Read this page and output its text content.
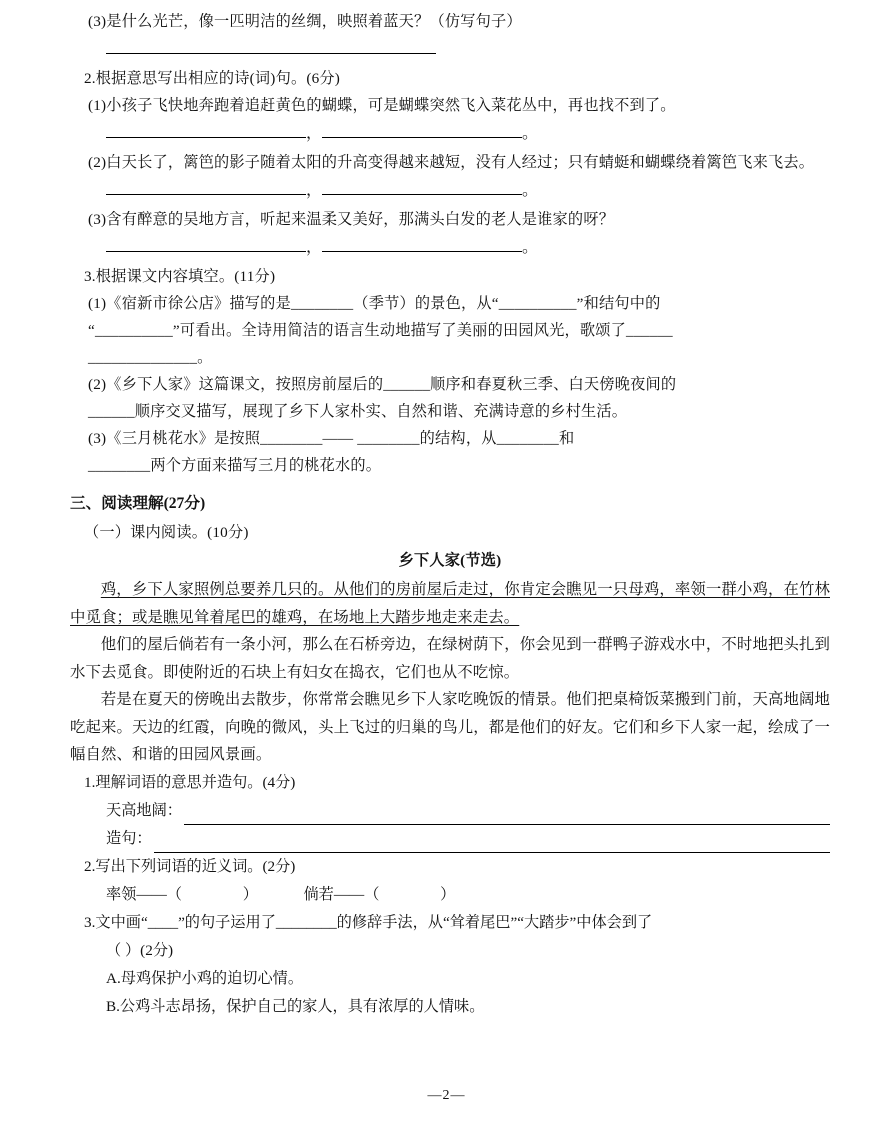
(3)是什么光芒，像一匹明洁的丝绸，映照着蓝天？（仿写句子）
2.根据意思写出相应的诗(词)句。(6分)
(1)小孩子飞快地奔跑着追赶黄色的蝴蝶，可是蝴蝶突然飞入菜花丛中，再也找不到了。
，	。
(2)白天长了，篱笆的影子随着太阳的升高变得越来越短，没有人经过；只有蜻蜓和蝴蝶绕着篱笆飞来飞去。
，	。
(3)含有醉意的吴地方言，听起来温柔又美好，那满头白发的老人是谁家的呀？
，	。
3.根据课文内容填空。(11分)
(1)《宿新市徐公店》描写的是________（季节）的景色，从“__________”和结句中的
“__________”可看出。全诗用简洁的语言生动地描写了美丽的田园风光，歌颂了______
______________。
(2)《乡下人家》这篇课文，按照房前屋后的______顺序和春夏秋三季、白天傍晚夜间的
______顺序交叉描写，展现了乡下人家朴实、自然和谐、充满诗意的乡村生活。
(3)《三月桃花水》是按照________—— ________的结构，从________和
________两个方面来描写三月的桃花水的。
三、阅读理解(27分)
（一）课内阅读。(10分)
乡下人家(节选)
鸡，乡下人家照例总要养几只的。从他们的房前屋后走过，你肯定会瞧见一只母鸡，率领一群小鸡，在竹林中觅食；或是瞧见耸着尾巴的雄鸡，在场地上大踏步地走来走去。
他们的屋后倘若有一条小河，那么在石桥旁边，在绿树荫下，你会见到一群鸭子游戏水中，不时地把头扎到水下去觅食。即使附近的石块上有妇女在捣衣，它们也从不吃惊。
若是在夏天的傍晚出去散步，你常常会瞧见乡下人家吃晚饭的情景。他们把桌椅饭菜搬到门前，天高地阔地吃起来。天边的红霞，向晚的微风，头上飞过的归巢的鸟儿，都是他们的好友。它们和乡下人家一起，绘成了一幅自然、和谐的田园风景画。
1.理解词语的意思并造句。(4分)
天高地阔：
造句：
2.写出下列词语的近义词。(2分)
率领——（                ）            倘若——（                ）
3.文中画“____”的句子运用了________的修辞手法，从“耸着尾巴”“大踏步”中体会到了
（ ）(2分)
A.母鸡保护小鸡的迫切心情。
B.公鸡斗志昂扬，保护自己的家人，具有浓厚的人情味。
—2—
